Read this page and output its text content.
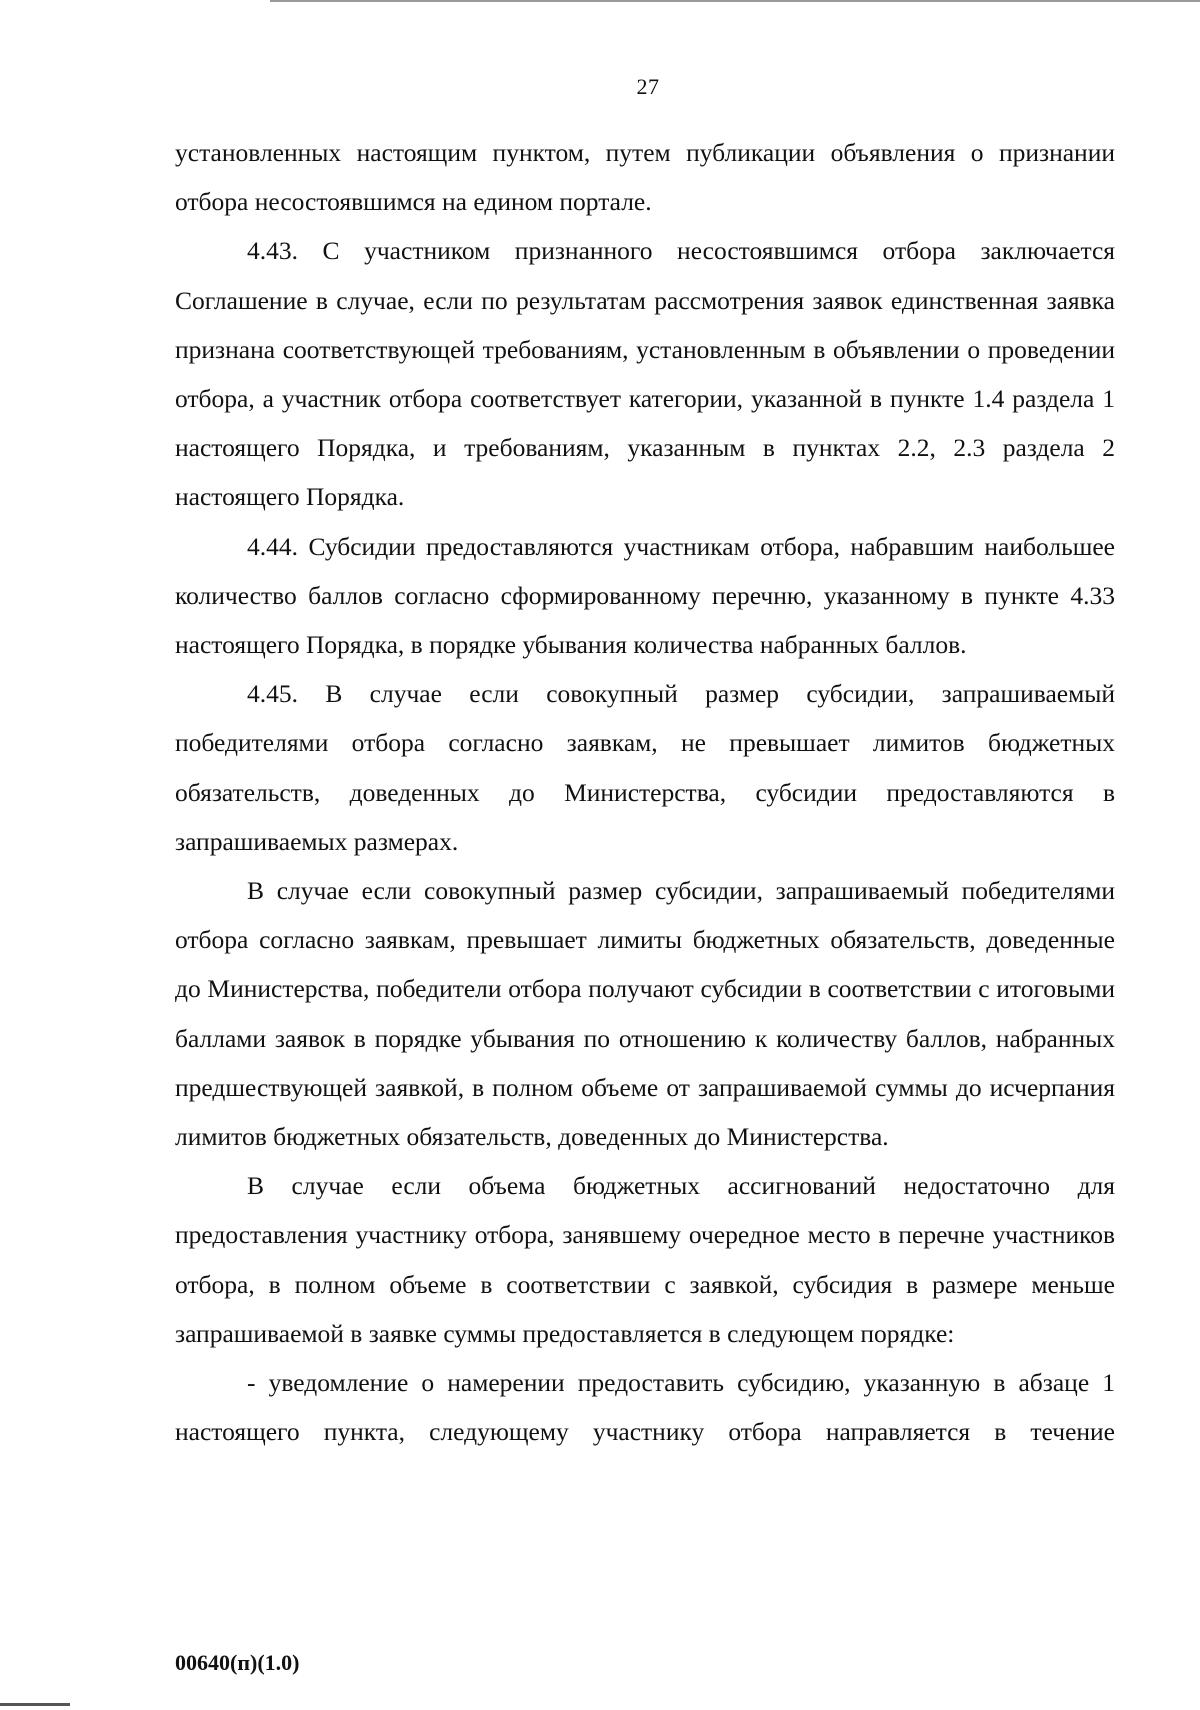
27

установленных настоящим пунктом, путем публикации объявления о признании отбора несостоявшимся на едином портале.

4.43. С участником признанного несостоявшимся отбора заключается Соглашение в случае, если по результатам рассмотрения заявок единственная заявка признана соответствующей требованиям, установленным в объявлении о проведении отбора, а участник отбора соответствует категории, указанной в пункте 1.4 раздела 1 настоящего Порядка, и требованиям, указанным в пунктах 2.2, 2.3 раздела 2 настоящего Порядка.

4.44. Субсидии предоставляются участникам отбора, набравшим наибольшее количество баллов согласно сформированному перечню, указанному в пункте 4.33 настоящего Порядка, в порядке убывания количества набранных баллов.

4.45. В случае если совокупный размер субсидии, запрашиваемый победителями отбора согласно заявкам, не превышает лимитов бюджетных обязательств, доведенных до Министерства, субсидии предоставляются в запрашиваемых размерах.

В случае если совокупный размер субсидии, запрашиваемый победителями отбора согласно заявкам, превышает лимиты бюджетных обязательств, доведенные до Министерства, победители отбора получают субсидии в соответствии с итоговыми баллами заявок в порядке убывания по отношению к количеству баллов, набранных предшествующей заявкой, в полном объеме от запрашиваемой суммы до исчерпания лимитов бюджетных обязательств, доведенных до Министерства.

В случае если объема бюджетных ассигнований недостаточно для предоставления участнику отбора, занявшему очередное место в перечне участников отбора, в полном объеме в соответствии с заявкой, субсидия в размере меньше запрашиваемой в заявке суммы предоставляется в следующем порядке:

- уведомление о намерении предоставить субсидию, указанную в абзаце 1 настоящего пункта, следующему участнику отбора направляется в течение

00640(п)(1.0)
